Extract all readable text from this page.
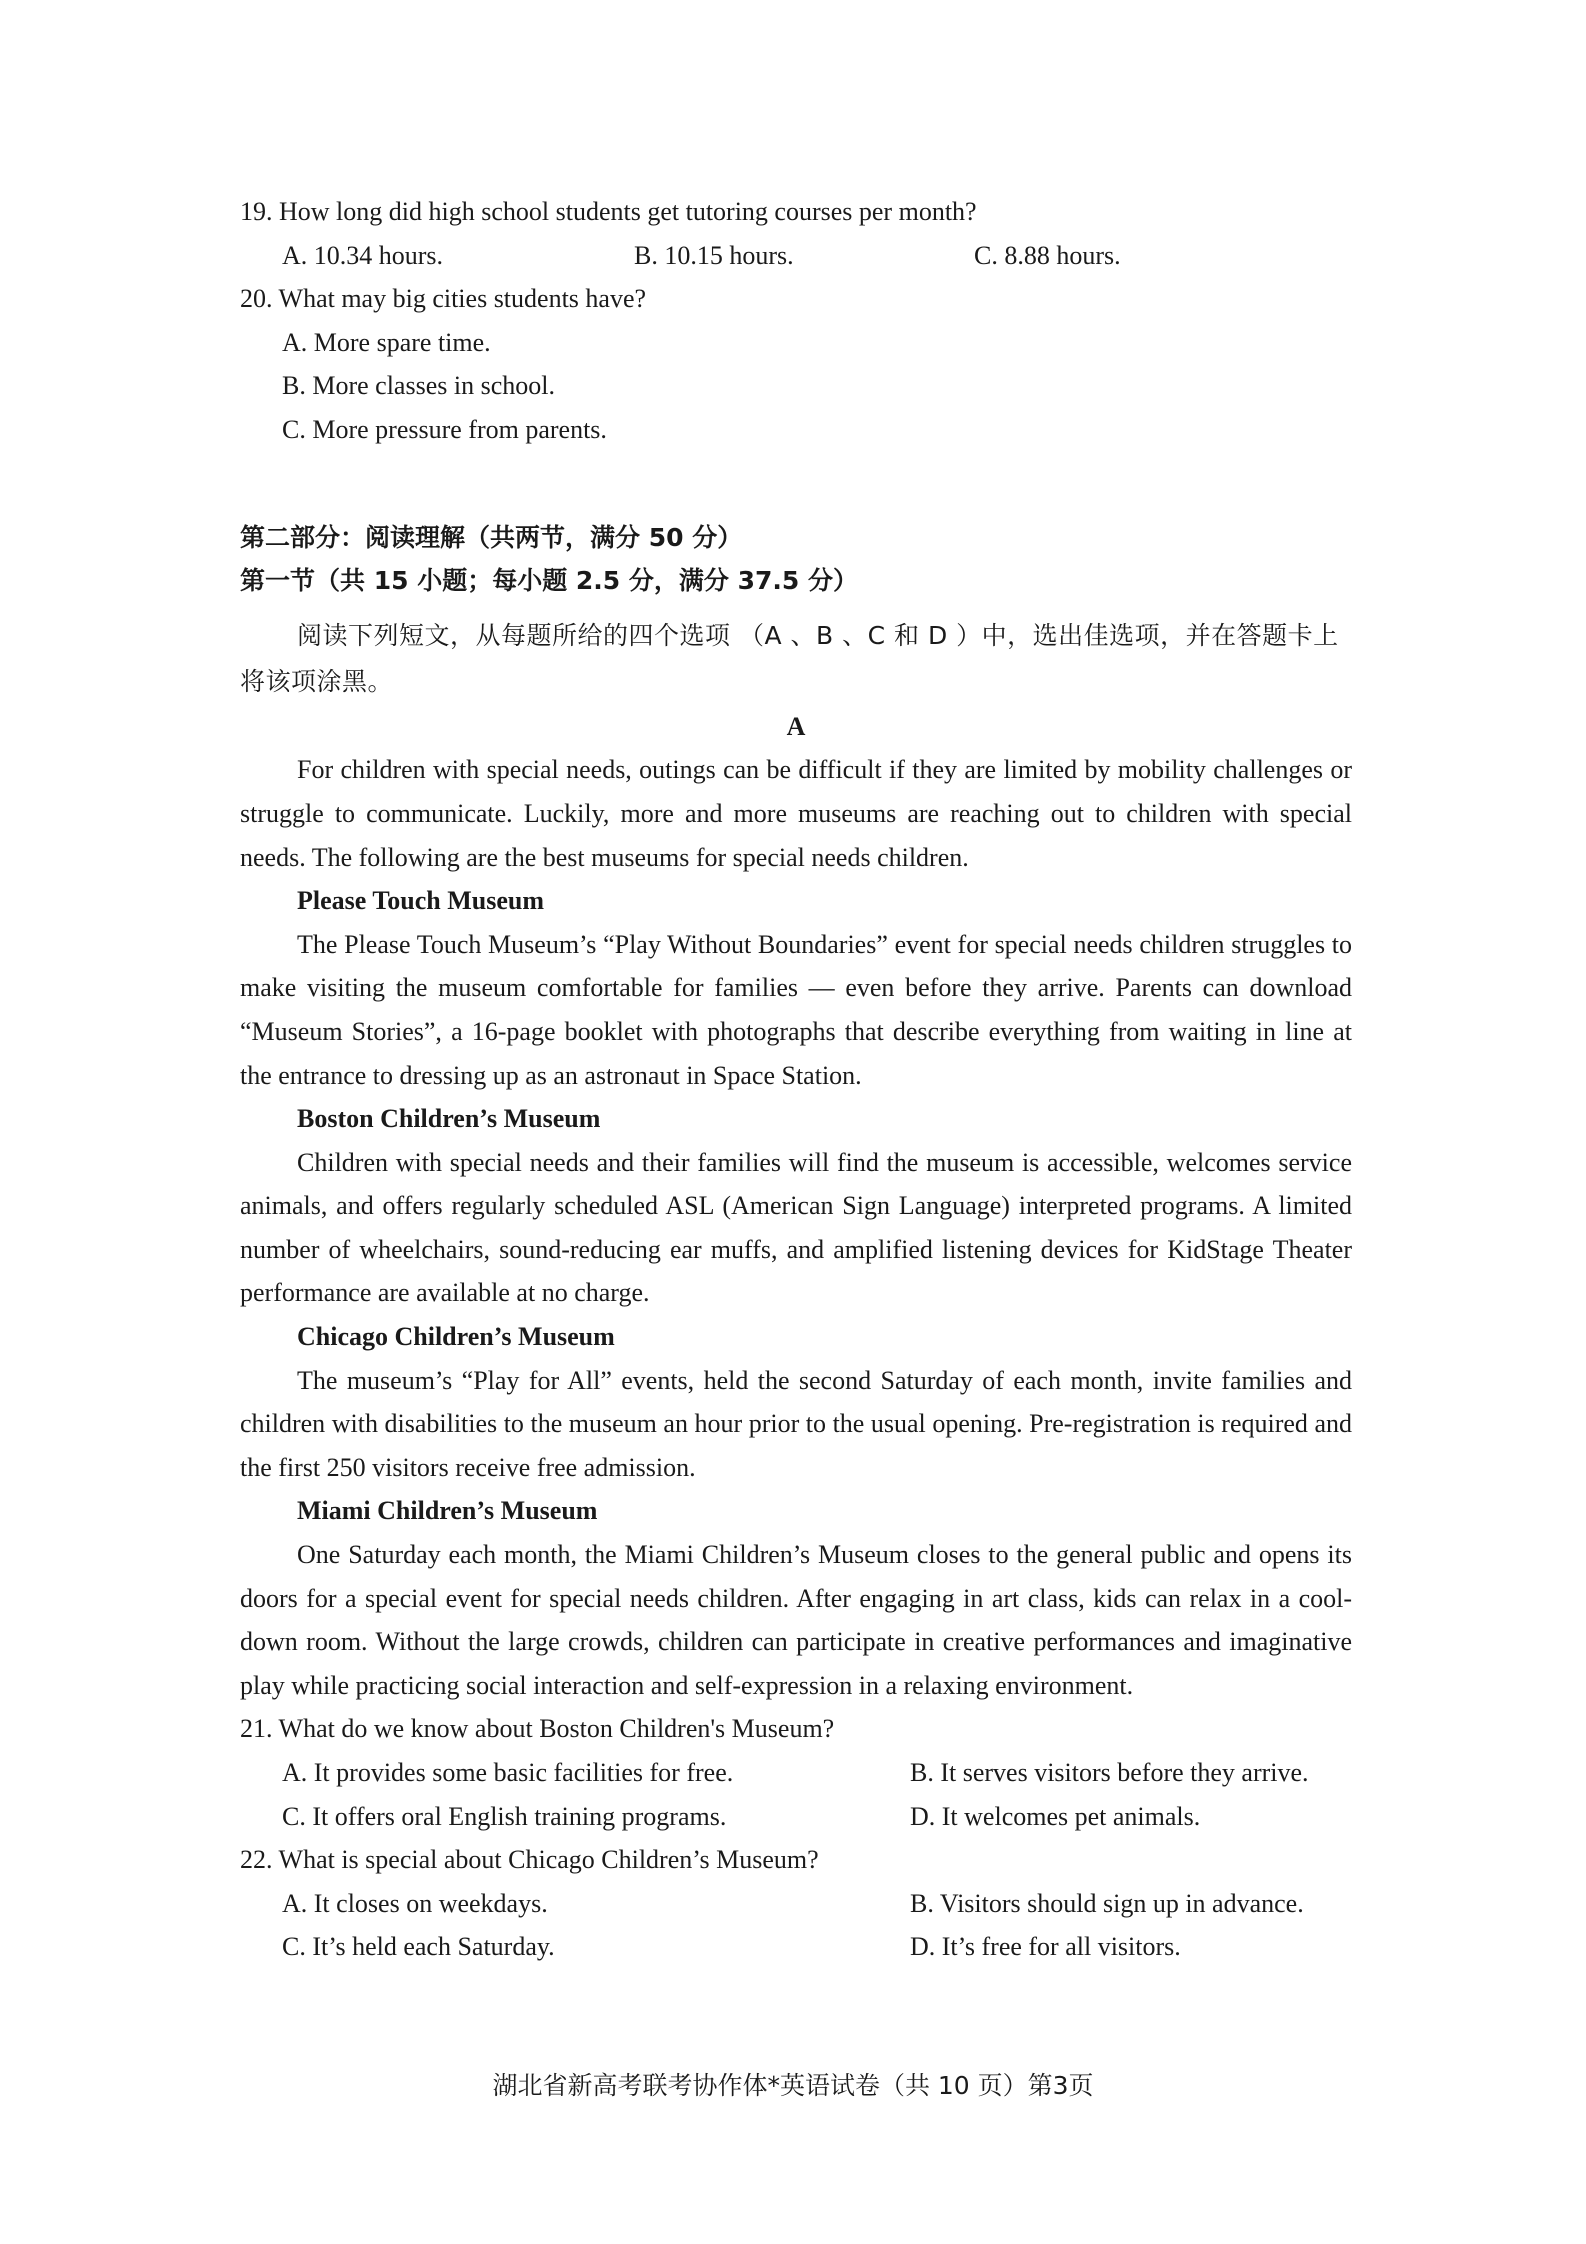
19. How long did high school students get tutoring courses per month?
A. 10.34 hours.	B. 10.15 hours.	C. 8.88 hours.
20. What may big cities students have?
A. More spare time.
B. More classes in school.
C. More pressure from parents.
第二部分：阅读理解（共两节，满分 50 分）
第一节（共 15 小题；每小题 2.5 分，满分 37.5 分）

阅读下列短文，从每题所给的四个选项 （A 、B 、C 和 D ）中，选出佳选项，并在答题卡上将该项涂黑。

A

For children with special needs, outings can be difficult if they are limited by mobility challenges or struggle to communicate. Luckily, more and more museums are reaching out to children with special needs. The following are the best museums for special needs children.

Please Touch Museum

The Please Touch Museum’s “Play Without Boundaries” event for special needs children struggles to make visiting the museum comfortable for families — even before they arrive. Parents can download “Museum Stories”, a 16-page booklet with photographs that describe everything from waiting in line at the entrance to dressing up as an astronaut in Space Station.

Boston Children’s Museum

Children with special needs and their families will find the museum is accessible, welcomes service animals, and offers regularly scheduled ASL (American Sign Language) interpreted programs. A limited number of wheelchairs, sound-reducing ear muffs, and amplified listening devices for KidStage Theater performance are available at no charge.

Chicago Children’s Museum

The museum’s “Play for All” events, held the second Saturday of each month, invite families and children with disabilities to the museum an hour prior to the usual opening. Pre-registration is required and the first 250 visitors receive free admission.

Miami Children’s Museum

One Saturday each month, the Miami Children’s Museum closes to the general public and opens its doors for a special event for special needs children. After engaging in art class, kids can relax in a cool-down room. Without the large crowds, children can participate in creative performances and imaginative play while practicing social interaction and self-expression in a relaxing environment.

21. What do we know about Boston Children's Museum?
A. It provides some basic facilities for free.	B. It serves visitors before they arrive.
C. It offers oral English training programs.	D. It welcomes pet animals.
22. What is special about Chicago Children’s Museum?
A. It closes on weekdays.	B. Visitors should sign up in advance.
C. It’s held each Saturday.	D. It’s free for all visitors.
湖北省新高考联考协作体*英语试卷（共 10 页）第3页
